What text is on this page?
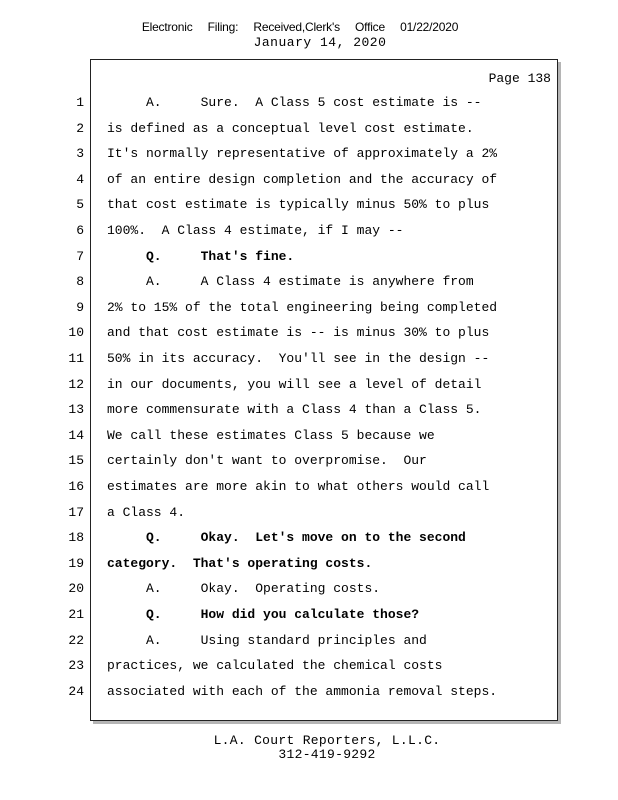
Electronic Filing: Received,Clerk's Office 01/22/2020
January 14, 2020
Page 138
1 A.     Sure.  A Class 5 cost estimate is --
2 is defined as a conceptual level cost estimate.
3 It's normally representative of approximately a 2%
4 of an entire design completion and the accuracy of
5 that cost estimate is typically minus 50% to plus
6 100%.  A Class 4 estimate, if I may --
7 Q.     That's fine.
8 A.     A Class 4 estimate is anywhere from
9 2% to 15% of the total engineering being completed
10 and that cost estimate is -- is minus 30% to plus
11 50% in its accuracy.  You'll see in the design --
12 in our documents, you will see a level of detail
13 more commensurate with a Class 4 than a Class 5.
14 We call these estimates Class 5 because we
15 certainly don't want to overpromise.  Our
16 estimates are more akin to what others would call
17 a Class 4.
18 Q.     Okay.  Let's move on to the second
19 category.  That's operating costs.
20 A.     Okay.  Operating costs.
21 Q.     How did you calculate those?
22 A.     Using standard principles and
23 practices, we calculated the chemical costs
24 associated with each of the ammonia removal steps.
L.A. Court Reporters, L.L.C.
312-419-9292
